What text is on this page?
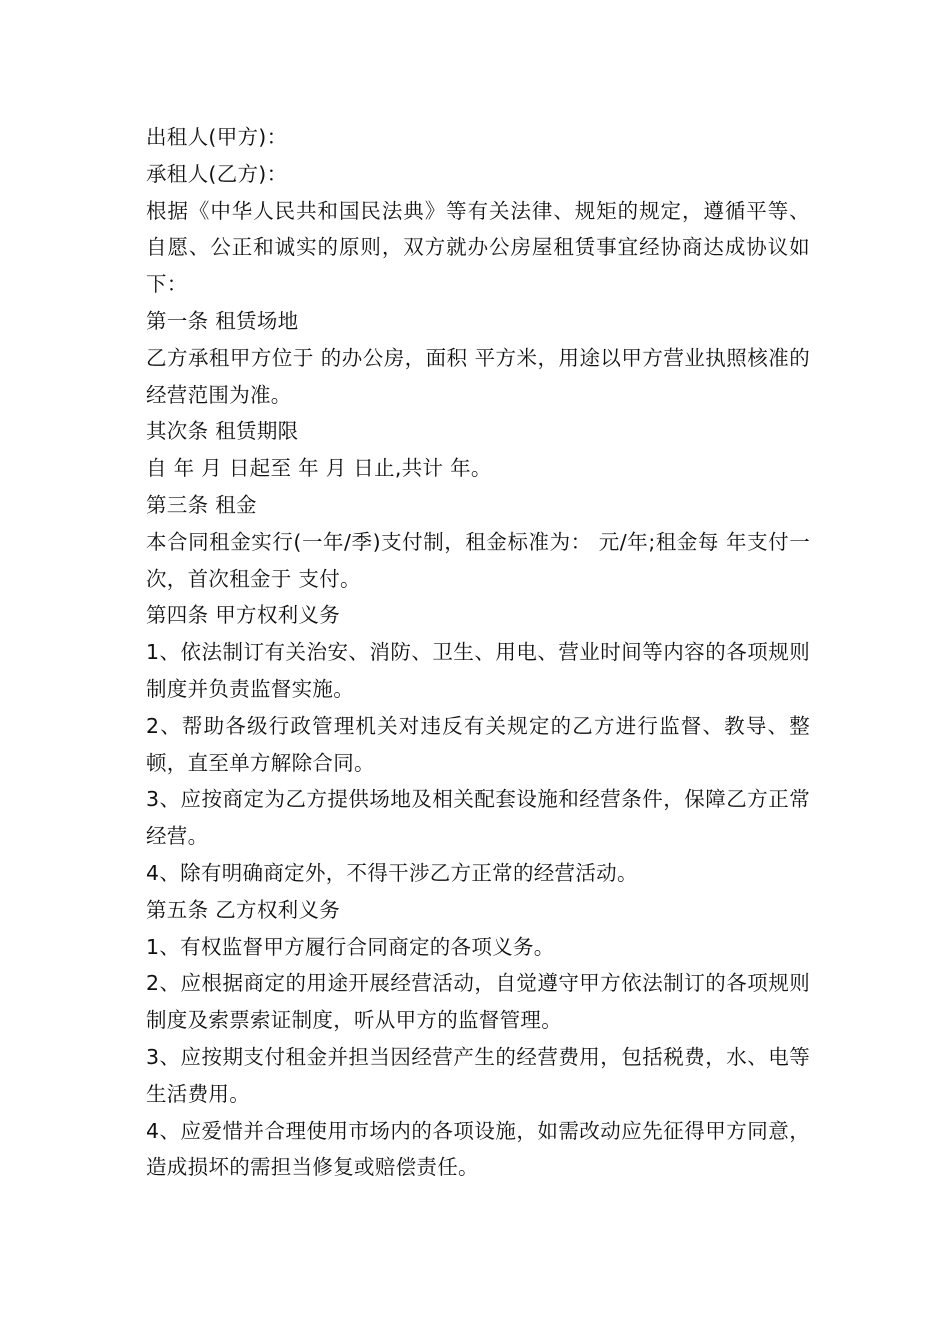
出租人(甲方)：

承租人(乙方)：

根据《中华人民共和国民法典》等有关法律、规矩的规定，遵循平等、自愿、公正和诚实的原则，双方就办公房屋租赁事宜经协商达成协议如下：

第一条 租赁场地

乙方承租甲方位于 的办公房，面积 平方米，用途以甲方营业执照核准的经营范围为准。

其次条 租赁期限

自 年 月 日起至 年 月 日止,共计 年。

第三条 租金

本合同租金实行(一年/季)支付制，租金标准为： 元/年;租金每 年支付一次，首次租金于 支付。

第四条 甲方权利义务

1、依法制订有关治安、消防、卫生、用电、营业时间等内容的各项规则制度并负责监督实施。

2、帮助各级行政管理机关对违反有关规定的乙方进行监督、教导、整顿，直至单方解除合同。

3、应按商定为乙方提供场地及相关配套设施和经营条件，保障乙方正常经营。

4、除有明确商定外，不得干涉乙方正常的经营活动。

第五条 乙方权利义务

1、有权监督甲方履行合同商定的各项义务。

2、应根据商定的用途开展经营活动，自觉遵守甲方依法制订的各项规则制度及索票索证制度，听从甲方的监督管理。

3、应按期支付租金并担当因经营产生的经营费用，包括税费，水、电等生活费用。

4、应爱惜并合理使用市场内的各项设施，如需改动应先征得甲方同意，造成损坏的需担当修复或赔偿责任。
